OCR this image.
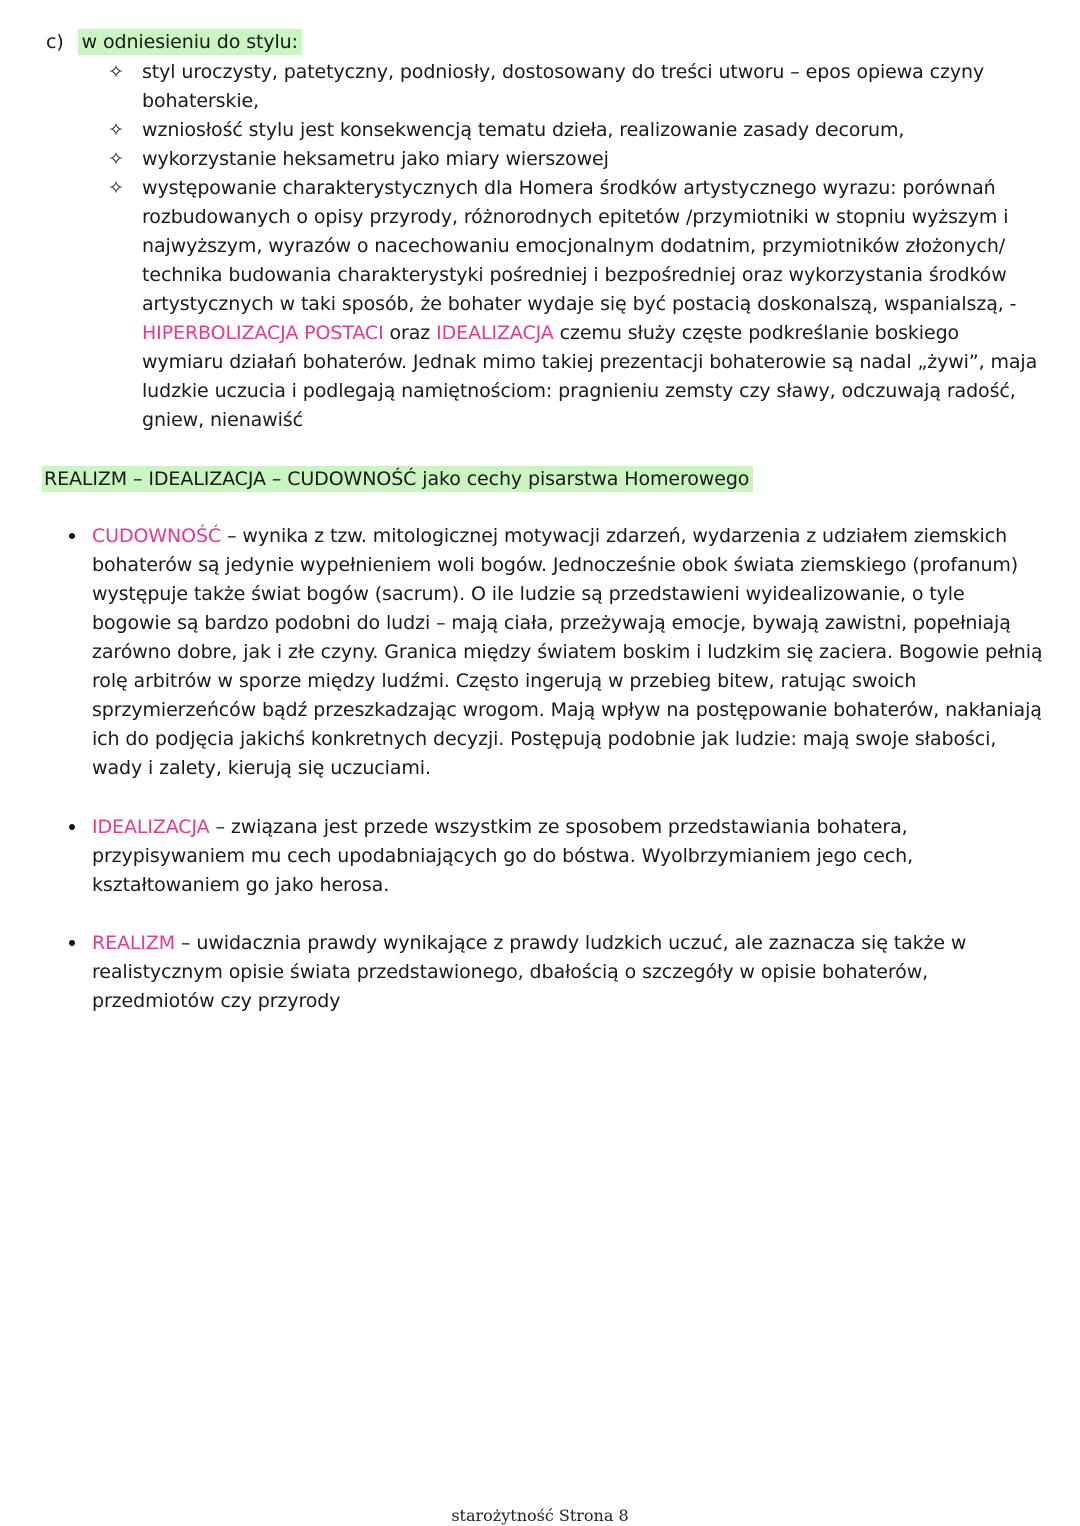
c) w odniesieniu do stylu:
✧ styl uroczysty, patetyczny, podniosły, dostosowany do treści utworu – epos opiewa czyny
bohaterskie,
✧ wzniosłość stylu jest konsekwencją tematu dzieła, realizowanie zasady decorum,
✧ wykorzystanie heksametru jako miary wierszowej
✧ występowanie charakterystycznych dla Homera środków artystycznego wyrazu: porównań
rozbudowanych o opisy przyrody, różnorodnych epitetów /przymiotniki w stopniu wyższym i
najwyższym, wyrazów o nacechowaniu emocjonalnym dodatnim, przymiotników złożonych/
technika budowania charakterystyki pośredniej i bezpośredniej oraz wykorzystania środków
artystycznych w taki sposób, że bohater wydaje się być postacią doskonalszą, wspanialszą, -
HIPERBOLIZACJA POSTACI oraz IDEALIZACJA czemu służy częste podkreślanie boskiego
wymiaru działań bohaterów. Jednak mimo takiej prezentacji bohaterowie są nadal „żywi”, maja
ludzkie uczucia i podlegają namiętnościom: pragnieniu zemsty czy sławy, odczuwają radość,
gniew, nienawiść
REALIZM – IDEALIZACJA – CUDOWNOŚĆ jako cechy pisarstwa Homerowego
CUDOWNOŚĆ – wynika z tzw. mitologicznej motywacji zdarzeń, wydarzenia z udziałem ziemskich
bohaterów są jedynie wypełnieniem woli bogów. Jednocześnie obok świata ziemskiego (profanum)
występuje także świat bogów (sacrum). O ile ludzie są przedstawieni wyidealizowanie, o tyle
bogowie są bardzo podobni do ludzi – mają ciała, przeżywają emocje, bywają zawistni, popełniają
zarówno dobre, jak i złe czyny. Granica między światem boskim i ludzkim się zaciera. Bogowie pełnią
rolę arbitrów w sporze między ludźmi. Często ingerują w przebieg bitew, ratując swoich
sprzymierzeńców bądź przeszkadzając wrogom. Mają wpływ na postępowanie bohaterów, nakłaniają
ich do podjęcia jakichś konkretnych decyzji. Postępują podobnie jak ludzie: mają swoje słabości,
wady i zalety, kierują się uczuciami.
IDEALIZACJA – związana jest przede wszystkim ze sposobem przedstawiania bohatera,
przypisywaniem mu cech upodabniających go do bóstwa. Wyolbrzymianiem jego cech,
kształtowaniem go jako herosa.
REALIZM – uwidacznia prawdy wynikające z prawdy ludzkich uczuć, ale zaznacza się także w
realistycznym opisie świata przedstawionego, dbałością o szczegóły w opisie bohaterów,
przedmiotów czy przyrody
starożytność Strona 8
